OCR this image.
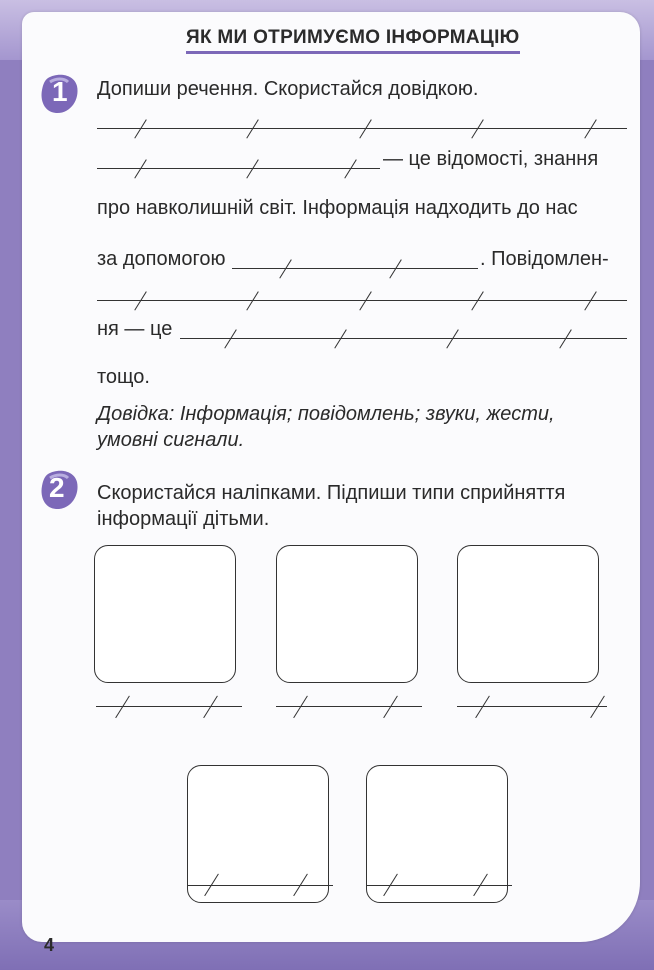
ЯК МИ ОТРИМУЄМО ІНФОРМАЦІЮ
1 Допиши речення. Скористайся довідкою.
— це відомості, знання
про навколишній світ. Інформація надходить до нас
за допомогою	. Повідомлен-
ня — це
тощо.
Довідка: Інформація; повідомлень; звуки, жести,
умовні сигнали.
2 Скористайся наліпками. Підпиши типи сприйняття
інформації дітьми.
4
